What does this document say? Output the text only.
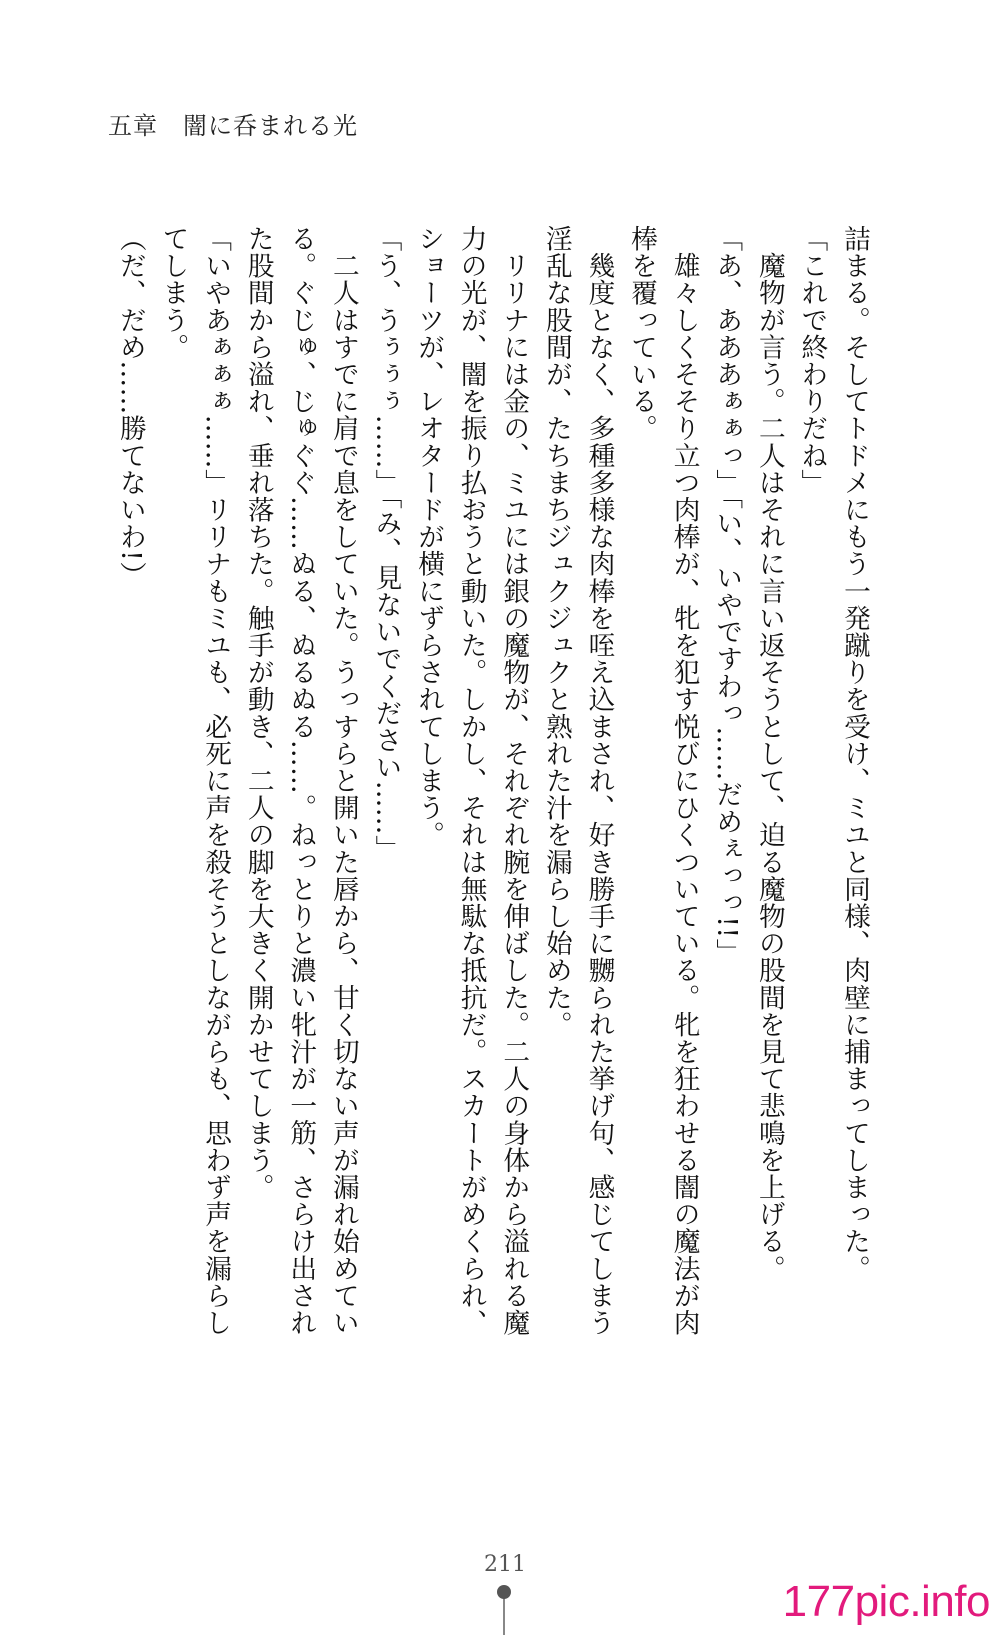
五章　闇に呑まれる光

詰まる。そしてトドメにもう一発蹴りを受け、ミユと同様、肉壁に捕まってしまった。

「これで終わりだね」

　魔物が言う。二人はそれに言い返そうとして、迫る魔物の股間を見て悲鳴を上げる。

「あ、あああぁぁっ」「い、いやですわっ……だめぇっっ!!」

　雄々しくそそり立つ肉棒が、牝を犯す悦びにひくついている。牝を狂わせる闇の魔法が肉棒を覆っている。

　幾度となく、多種多様な肉棒を咥え込まされ、好き勝手に嬲られた挙げ句、感じてしまう淫乱な股間が、たちまちジュクジュクと熟れた汁を漏らし始めた。

　リリナには金の、ミユには銀の魔物が、それぞれ腕を伸ばした。二人の身体から溢れる魔力の光が、闇を振り払おうと動いた。しかし、それは無駄な抵抗だ。スカートがめくられ、ショーツが、レオタードが横にずらされてしまう。

「う、うぅぅぅ……」「み、見ないでください……」

　二人はすでに肩で息をしていた。うっすらと開いた唇から、甘く切ない声が漏れ始めている。ぐじゅ、じゅぐぐ……ぬる、ぬるぬる……。ねっとりと濃い牝汁が一筋、さらけ出された股間から溢れ、垂れ落ちた。触手が動き、二人の脚を大きく開かせてしまう。

「いやあぁぁぁ……」リリナもミユも、必死に声を殺そうとしながらも、思わず声を漏らしてしまう。

（だ、だめ……勝てないわ!）

211
177pic.info
